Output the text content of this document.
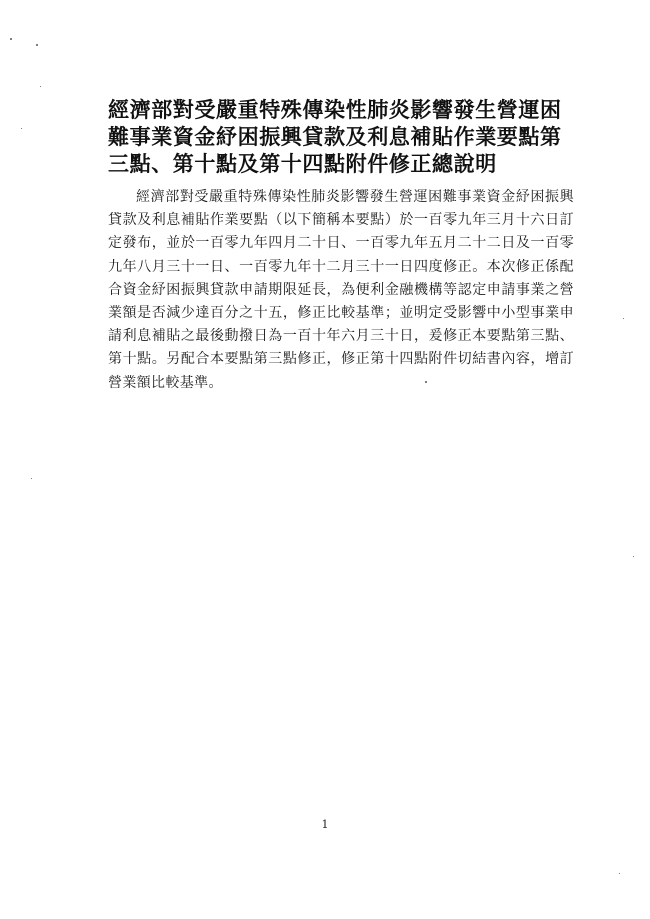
經濟部對受嚴重特殊傳染性肺炎影響發生營運困難事業資金紓困振興貸款及利息補貼作業要點第三點、第十點及第十四點附件修正總說明

經濟部對受嚴重特殊傳染性肺炎影響發生營運困難事業資金紓困振興貸款及利息補貼作業要點（以下簡稱本要點）於一百零九年三月十六日訂定發布，並於一百零九年四月二十日、一百零九年五月二十二日及一百零九年八月三十一日、一百零九年十二月三十一日四度修正。本次修正係配合資金紓困振興貸款申請期限延長，為便利金融機構等認定申請事業之營業額是否減少達百分之十五，修正比較基準；並明定受影響中小型事業申請利息補貼之最後動撥日為一百十年六月三十日，爰修正本要點第三點、第十點。另配合本要點第三點修正，修正第十四點附件切結書內容，增訂營業額比較基準。

1
